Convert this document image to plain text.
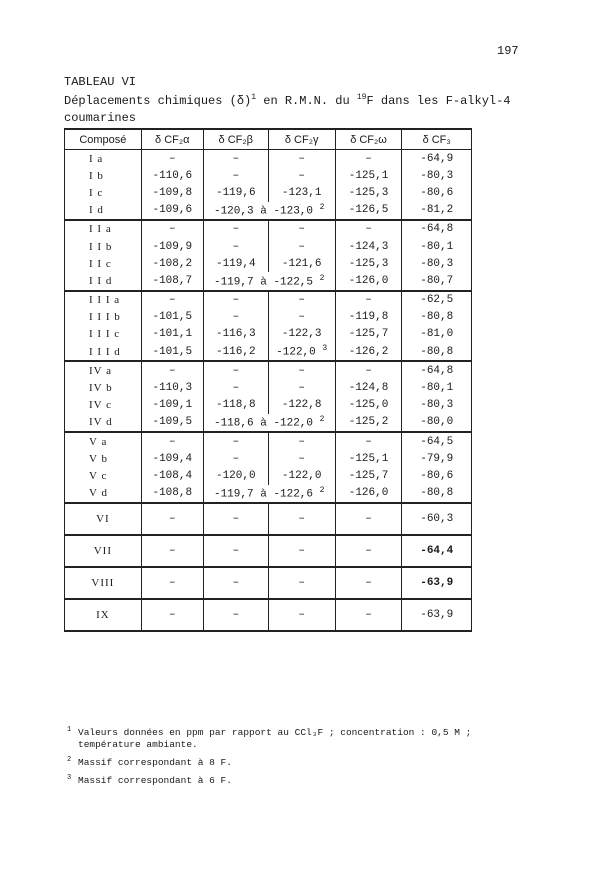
197
TABLEAU VI
Déplacements chimiques $(\delta)^1$ en R.M.N. du $^{19}$F dans les F-alkyl-4
coumarines
Composé	δ CF₂α	δ CF₂β	δ CF₂γ	δ CF₂ω	δ CF₃
I a	–	–	–	–	-64,9
I b	-110,6	–	–	-125,1	-80,3
I c	-109,8	-119,6	-123,1	-125,3	-80,6
I d	-109,6	-120,3 à -123,0 $^2$		-126,5	-81,2
I I a	–	–	–	–	-64,8
I I b	-109,9	–	–	-124,3	-80,1
I I c	-108,2	-119,4	-121,6	-125,3	-80,3
I I d	-108,7	-119,7 à -122,5 $^2$		-126,0	-80,7
I I I a	–	–	–	–	-62,5
I I I b	-101,5	–	–	-119,8	-80,8
I I I c	-101,1	-116,3	-122,3	-125,7	-81,0
I I I d	-101,5	-116,2	-122,0 $^3$	-126,2	-80,8
IV a	–	–	–	–	-64,8
IV b	-110,3	–	–	-124,8	-80,1
IV c	-109,1	-118,8	-122,8	-125,0	-80,3
IV d	-109,5	-118,6 à -122,0 $^2$		-125,2	-80,0
V a	–	–	–	–	-64,5
V b	-109,4	–	–	-125,1	-79,9
V c	-108,4	-120,0	-122,0	-125,7	-80,6
V d	-108,8	-119,7 à -122,6 $^2$		-126,0	-80,8
VI	–	–	–	–	-60,3
VII	–	–	–	–	-64,4
VIII	–	–	–	–	-63,9
IX	–	–	–	–	-63,9
1 Valeurs données en ppm par rapport au CCl₃F ; concentration : 0,5 M ;
température ambiante.
2 Massif correspondant à 8 F.
3 Massif correspondant à 6 F.
